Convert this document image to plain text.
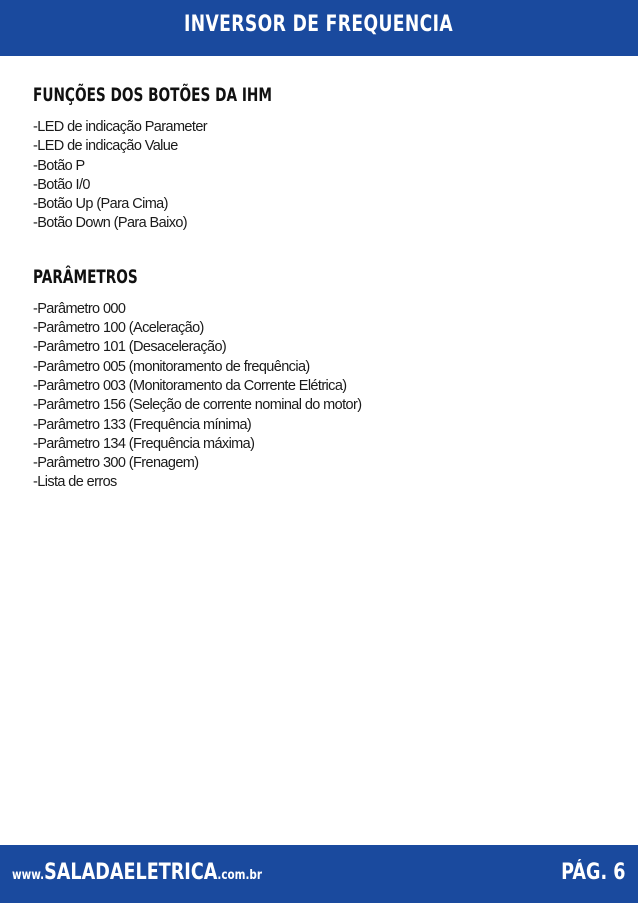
INVERSOR DE FREQUENCIA
FUNÇÕES DOS BOTÕES DA IHM
-LED de indicação Parameter
-LED de indicação Value
-Botão P
-Botão I/0
-Botão Up (Para Cima)
-Botão Down (Para Baixo)
PARÂMETROS
-Parâmetro 000
-Parâmetro 100 (Aceleração)
-Parâmetro 101 (Desaceleração)
-Parâmetro 005 (monitoramento de frequência)
-Parâmetro 003 (Monitoramento da Corrente Elétrica)
-Parâmetro 156 (Seleção de corrente nominal do motor)
-Parâmetro 133 (Frequência mínima)
-Parâmetro 134 (Frequência máxima)
-Parâmetro 300 (Frenagem)
-Lista de erros
www.SALADAELETRICA.com.br	PÁG. 6
